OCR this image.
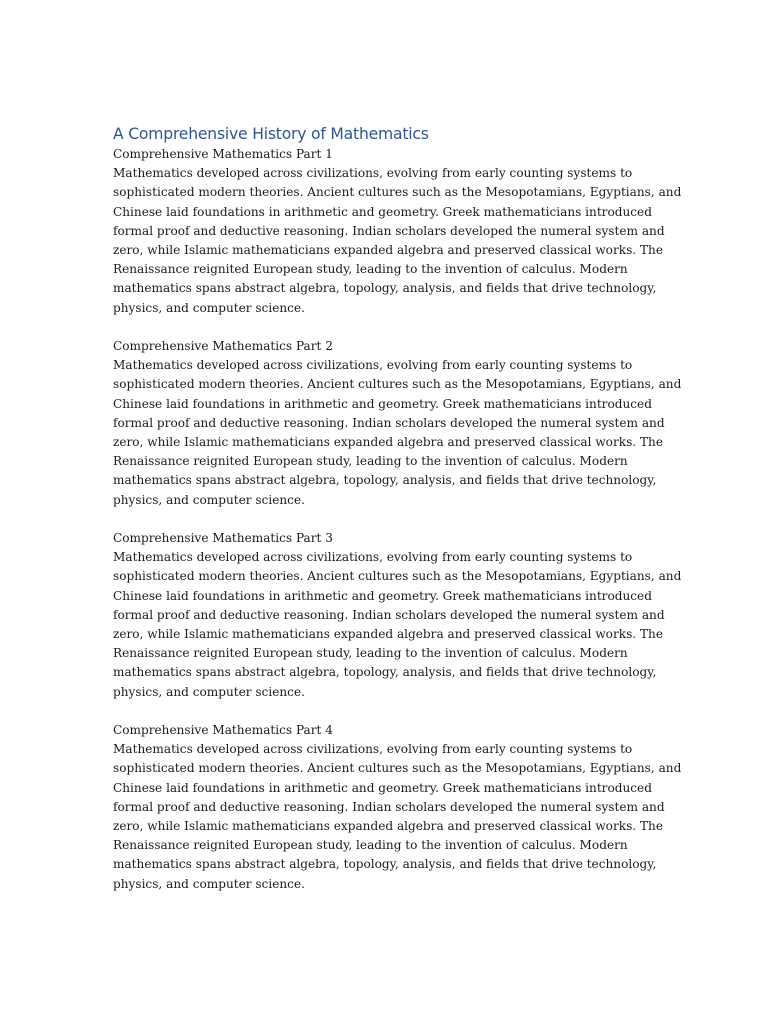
A Comprehensive History of Mathematics

Comprehensive Mathematics Part 1

Mathematics developed across civilizations, evolving from early counting systems to
sophisticated modern theories. Ancient cultures such as the Mesopotamians, Egyptians, and
Chinese laid foundations in arithmetic and geometry. Greek mathematicians introduced
formal proof and deductive reasoning. Indian scholars developed the numeral system and
zero, while Islamic mathematicians expanded algebra and preserved classical works. The
Renaissance reignited European study, leading to the invention of calculus. Modern
mathematics spans abstract algebra, topology, analysis, and fields that drive technology,
physics, and computer science.

Comprehensive Mathematics Part 2

Mathematics developed across civilizations, evolving from early counting systems to
sophisticated modern theories. Ancient cultures such as the Mesopotamians, Egyptians, and
Chinese laid foundations in arithmetic and geometry. Greek mathematicians introduced
formal proof and deductive reasoning. Indian scholars developed the numeral system and
zero, while Islamic mathematicians expanded algebra and preserved classical works. The
Renaissance reignited European study, leading to the invention of calculus. Modern
mathematics spans abstract algebra, topology, analysis, and fields that drive technology,
physics, and computer science.

Comprehensive Mathematics Part 3

Mathematics developed across civilizations, evolving from early counting systems to
sophisticated modern theories. Ancient cultures such as the Mesopotamians, Egyptians, and
Chinese laid foundations in arithmetic and geometry. Greek mathematicians introduced
formal proof and deductive reasoning. Indian scholars developed the numeral system and
zero, while Islamic mathematicians expanded algebra and preserved classical works. The
Renaissance reignited European study, leading to the invention of calculus. Modern
mathematics spans abstract algebra, topology, analysis, and fields that drive technology,
physics, and computer science.

Comprehensive Mathematics Part 4

Mathematics developed across civilizations, evolving from early counting systems to
sophisticated modern theories. Ancient cultures such as the Mesopotamians, Egyptians, and
Chinese laid foundations in arithmetic and geometry. Greek mathematicians introduced
formal proof and deductive reasoning. Indian scholars developed the numeral system and
zero, while Islamic mathematicians expanded algebra and preserved classical works. The
Renaissance reignited European study, leading to the invention of calculus. Modern
mathematics spans abstract algebra, topology, analysis, and fields that drive technology,
physics, and computer science.
